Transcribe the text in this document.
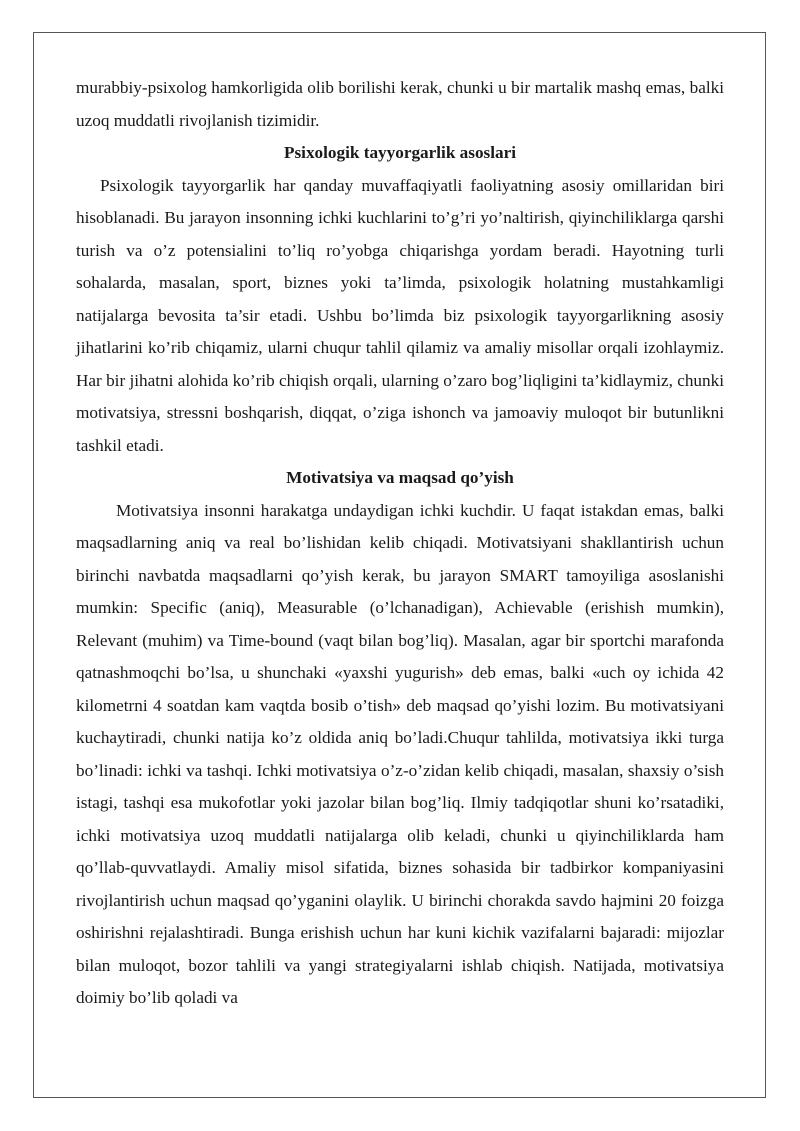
murabbiy-psixolog hamkorligida olib borilishi kerak, chunki u bir martalik mashq emas, balki uzoq muddatli rivojlanish tizimidir.

Psixologik tayyorgarlik asoslari

Psixologik tayyorgarlik har qanday muvaffaqiyatli faoliyatning asosiy omillaridan biri hisoblanadi. Bu jarayon insonning ichki kuchlarini to’g’ri yo’naltirish, qiyinchiliklarga qarshi turish va o’z potensialini to’liq ro’yobga chiqarishga yordam beradi. Hayotning turli sohalarda, masalan, sport, biznes yoki ta’limda, psixologik holatning mustahkamligi natijalarga bevosita ta’sir etadi. Ushbu bo’limda biz psixologik tayyorgarlikning asosiy jihatlarini ko’rib chiqamiz, ularni chuqur tahlil qilamiz va amaliy misollar orqali izohlaymiz. Har bir jihatni alohida ko’rib chiqish orqali, ularning o’zaro bog’liqligini ta’kidlaymiz, chunki motivatsiya, stressni boshqarish, diqqat, o’ziga ishonch va jamoaviy muloqot bir butunlikni tashkil etadi.

Motivatsiya va maqsad qo’yish

Motivatsiya insonni harakatga undaydigan ichki kuchdir. U faqat istakdan emas, balki maqsadlarning aniq va real bo’lishidan kelib chiqadi. Motivatsiyani shakllantirish uchun birinchi navbatda maqsadlarni qo’yish kerak, bu jarayon SMART tamoyiliga asoslanishi mumkin: Specific (aniq), Measurable (o’lchanadigan), Achievable (erishish mumkin), Relevant (muhim) va Time-bound (vaqt bilan bog’liq). Masalan, agar bir sportchi marafonda qatnashmoqchi bo’lsa, u shunchaki «yaxshi yugurish» deb emas, balki «uch oy ichida 42 kilometrni 4 soatdan kam vaqtda bosib o’tish» deb maqsad qo’yishi lozim. Bu motivatsiyani kuchaytiradi, chunki natija ko’z oldida aniq bo’ladi.Chuqur tahlilda, motivatsiya ikki turga bo’linadi: ichki va tashqi. Ichki motivatsiya o’z-o’zidan kelib chiqadi, masalan, shaxsiy o’sish istagi, tashqi esa mukofotlar yoki jazolar bilan bog’liq. Ilmiy tadqiqotlar shuni ko’rsatadiki, ichki motivatsiya uzoq muddatli natijalarga olib keladi, chunki u qiyinchiliklarda ham qo’llab-quvvatlaydi. Amaliy misol sifatida, biznes sohasida bir tadbirkor kompaniyasini rivojlantirish uchun maqsad qo’yganini olaylik. U birinchi chorakda savdo hajmini 20 foizga oshirishni rejalashtiradi. Bunga erishish uchun har kuni kichik vazifalarni bajaradi: mijozlar bilan muloqot, bozor tahlili va yangi strategiyalarni ishlab chiqish. Natijada, motivatsiya doimiy bo’lib qoladi va
